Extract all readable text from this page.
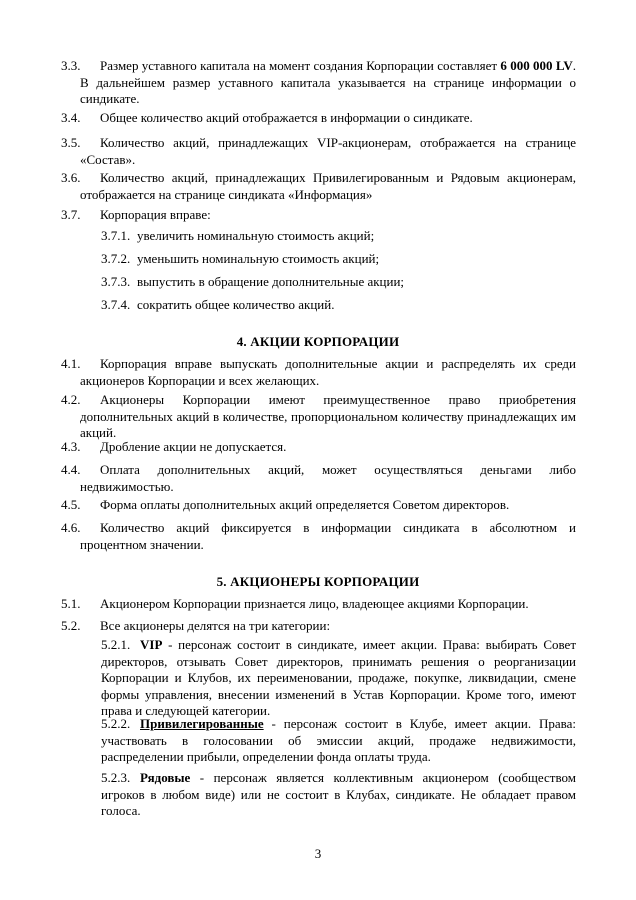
3.3.	Размер уставного капитала на момент создания Корпорации составляет 6 000 000 LV. В дальнейшем размер уставного капитала указывается на странице информации о синдикате.
3.4.	Общее количество акций отображается в информации о синдикате.
3.5.	Количество акций, принадлежащих VIP-акционерам, отображается на странице «Состав».
3.6.	Количество акций, принадлежащих Привилегированным и Рядовым акционерам, отображается на странице синдиката «Информация»
3.7.	Корпорация вправе:
3.7.1. увеличить номинальную стоимость акций;
3.7.2. уменьшить номинальную стоимость акций;
3.7.3. выпустить в обращение дополнительные акции;
3.7.4. сократить общее количество акций.
4. АКЦИИ КОРПОРАЦИИ
4.1.	Корпорация вправе выпускать дополнительные акции и распределять их среди акционеров Корпорации и всех желающих.
4.2.	Акционеры Корпорации имеют преимущественное право приобретения дополнительных акций в количестве, пропорциональном количеству принадлежащих им акций.
4.3.	Дробление акции не допускается.
4.4.	Оплата дополнительных акций, может осуществляться деньгами либо недвижимостью.
4.5.	Форма оплаты дополнительных акций определяется Советом директоров.
4.6.	Количество акций фиксируется в информации синдиката в абсолютном и процентном значении.
5. АКЦИОНЕРЫ КОРПОРАЦИИ
5.1.	Акционером Корпорации признается лицо, владеющее акциями Корпорации.
5.2.	Все акционеры делятся на три категории:
5.2.1. VIP - персонаж состоит в синдикате, имеет акции. Права: выбирать Совет директоров, отзывать Совет директоров, принимать решения о реорганизации Корпорации и Клубов, их переименовании, продаже, покупке, ликвидации, смене формы управления, внесении изменений в Устав Корпорации. Кроме того, имеют права и следующей категории.
5.2.2. Привилегированные - персонаж состоит в Клубе, имеет акции. Права: участвовать в голосовании об эмиссии акций, продаже недвижимости, распределении прибыли, определении фонда оплаты труда.
5.2.3. Рядовые - персонаж является коллективным акционером (сообществом игроков в любом виде) или не состоит в Клубах, синдикате. Не обладает правом голоса.
3
